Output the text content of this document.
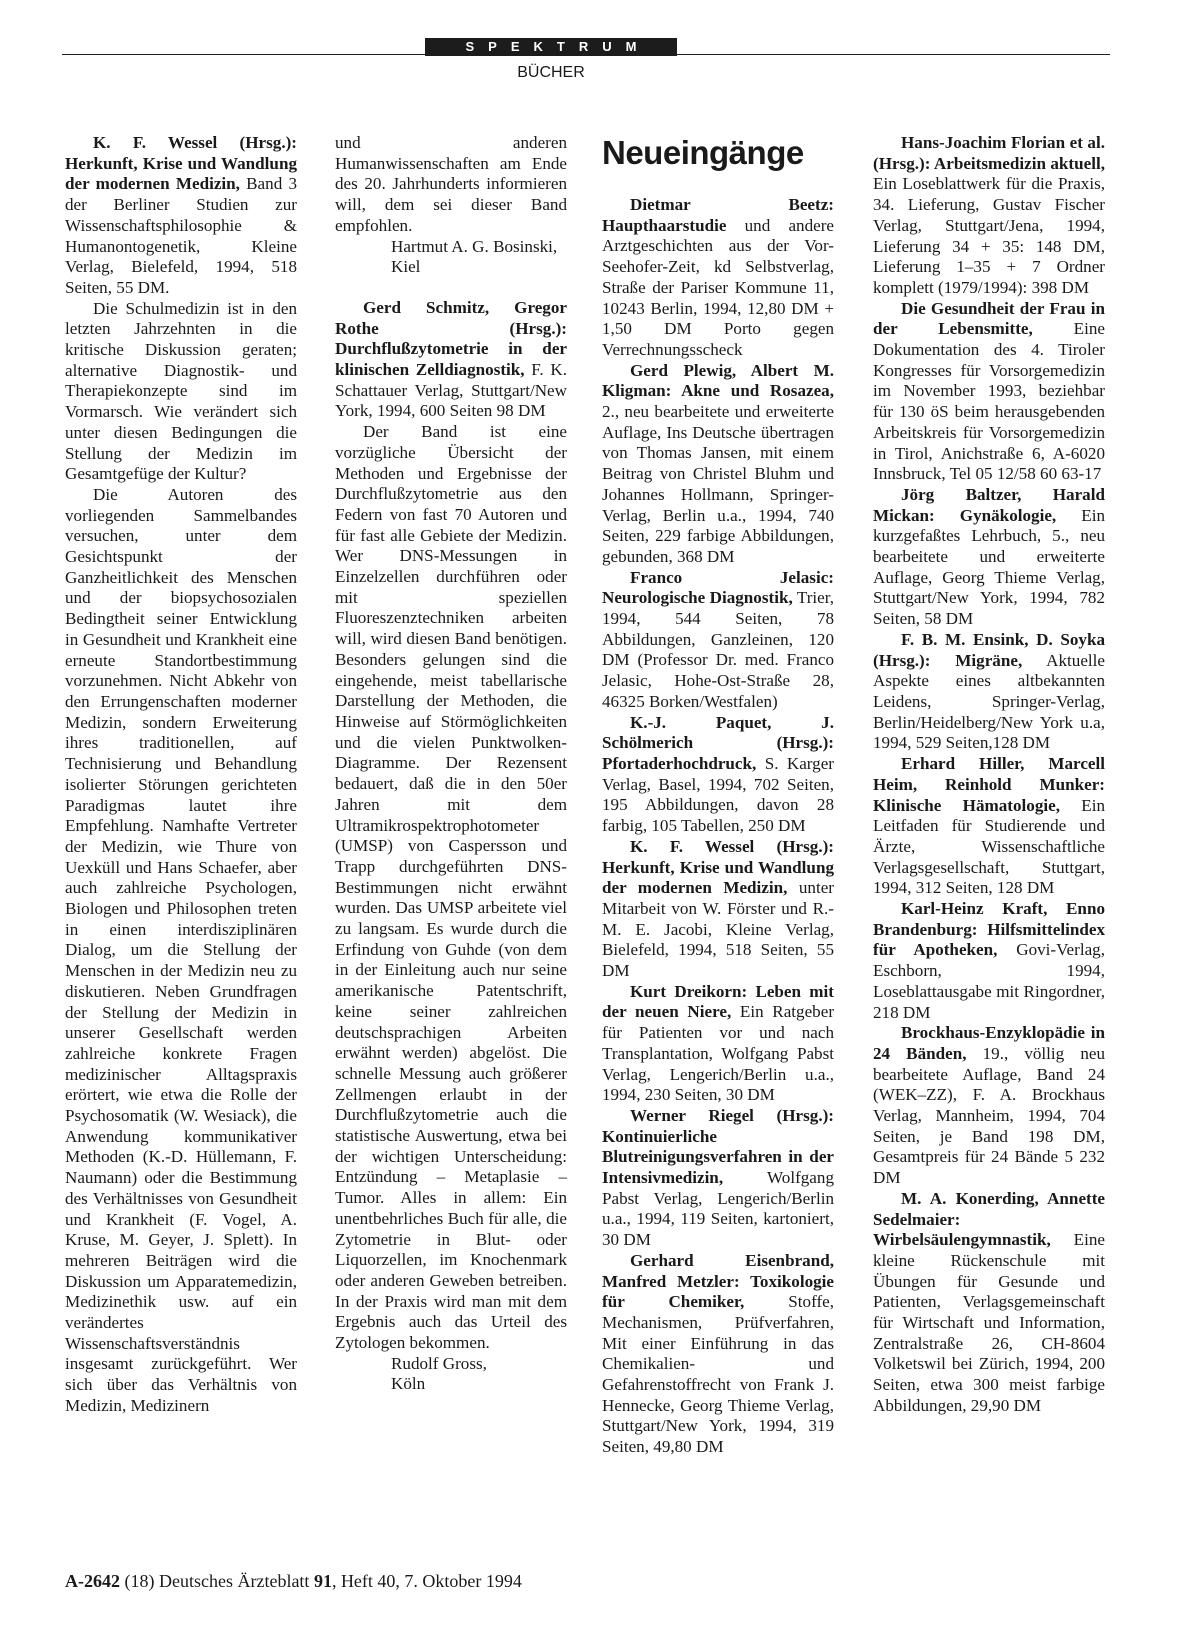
SPEKTRUM
BÜCHER

K. F. Wessel (Hrsg.): Herkunft, Krise und Wandlung der modernen Medizin, Band 3 der Berliner Studien zur Wissenschaftsphilosophie & Humanontogenetik, Kleine Verlag, Bielefeld, 1994, 518 Seiten, 55 DM.

Die Schulmedizin ist in den letzten Jahrzehnten in die kritische Diskussion geraten; alternative Diagnostik- und Therapiekonzepte sind im Vormarsch. Wie verändert sich unter diesen Bedingungen die Stellung der Medizin im Gesamtgefüge der Kultur?

Die Autoren des vorliegenden Sammelbandes versuchen, unter dem Gesichtspunkt der Ganzheitlichkeit des Menschen und der biopsychosozialen Bedingtheit seiner Entwicklung in Gesundheit und Krankheit eine erneute Standortbestimmung vorzunehmen. Nicht Abkehr von den Errungenschaften moderner Medizin, sondern Erweiterung ihres traditionellen, auf Technisierung und Behandlung isolierter Störungen gerichteten Paradigmas lautet ihre Empfehlung. Namhafte Vertreter der Medizin, wie Thure von Uexküll und Hans Schaefer, aber auch zahlreiche Psychologen, Biologen und Philosophen treten in einen interdisziplinären Dialog, um die Stellung der Menschen in der Medizin neu zu diskutieren. Neben Grundfragen der Stellung der Medizin in unserer Gesellschaft werden zahlreiche konkrete Fragen medizinischer Alltagspraxis erörtert, wie etwa die Rolle der Psychosomatik (W. Wesiack), die Anwendung kommunikativer Methoden (K.-D. Hüllemann, F. Naumann) oder die Bestimmung des Verhältnisses von Gesundheit und Krankheit (F. Vogel, A. Kruse, M. Geyer, J. Splett). In mehreren Beiträgen wird die Diskussion um Apparatemedizin, Medizinethik usw. auf ein verändertes Wissenschaftsverständnis insgesamt zurückgeführt. Wer sich über das Verhältnis von Medizin, Medizinern

und anderen Humanwissenschaften am Ende des 20. Jahrhunderts informieren will, dem sei dieser Band empfohlen.

Hartmut A. G. Bosinski,

Kiel

Gerd Schmitz, Gregor Rothe (Hrsg.): Durchflußzytometrie in der klinischen Zelldiagnostik, F. K. Schattauer Verlag, Stuttgart/New York, 1994, 600 Seiten 98 DM

Der Band ist eine vorzügliche Übersicht der Methoden und Ergebnisse der Durchflußzytometrie aus den Federn von fast 70 Autoren und für fast alle Gebiete der Medizin. Wer DNS-Messungen in Einzelzellen durchführen oder mit speziellen Fluoreszenztechniken arbeiten will, wird diesen Band benötigen. Besonders gelungen sind die eingehende, meist tabellarische Darstellung der Methoden, die Hinweise auf Störmöglichkeiten und die vielen Punktwolken-Diagramme. Der Rezensent bedauert, daß die in den 50er Jahren mit dem Ultramikrospektrophotometer (UMSP) von Caspersson und Trapp durchgeführten DNS-Bestimmungen nicht erwähnt wurden. Das UMSP arbeitete viel zu langsam. Es wurde durch die Erfindung von Guhde (von dem in der Einleitung auch nur seine amerikanische Patentschrift, keine seiner zahlreichen deutschsprachigen Arbeiten erwähnt werden) abgelöst. Die schnelle Messung auch größerer Zellmengen erlaubt in der Durchflußzytometrie auch die statistische Auswertung, etwa bei der wichtigen Unterscheidung: Entzündung – Metaplasie – Tumor. Alles in allem: Ein unentbehrliches Buch für alle, die Zytometrie in Blut- oder Liquorzellen, im Knochenmark oder anderen Geweben betreiben. In der Praxis wird man mit dem Ergebnis auch das Urteil des Zytologen bekommen.

Rudolf Gross,

Köln

Neueingänge

Dietmar Beetz: Haupthaarstudie und andere Arztgeschichten aus der Vor-Seehofer-Zeit, kd Selbstverlag, Straße der Pariser Kommune 11, 10243 Berlin, 1994, 12,80 DM + 1,50 DM Porto gegen Verrechnungsscheck

Gerd Plewig, Albert M. Kligman: Akne und Rosazea, 2., neu bearbeitete und erweiterte Auflage, Ins Deutsche übertragen von Thomas Jansen, mit einem Beitrag von Christel Bluhm und Johannes Hollmann, Springer-Verlag, Berlin u.a., 1994, 740 Seiten, 229 farbige Abbildungen, gebunden, 368 DM

Franco Jelasic: Neurologische Diagnostik, Trier, 1994, 544 Seiten, 78 Abbildungen, Ganzleinen, 120 DM (Professor Dr. med. Franco Jelasic, Hohe-Ost-Straße 28, 46325 Borken/Westfalen)

K.-J. Paquet, J. Schölmerich (Hrsg.): Pfortaderhochdruck, S. Karger Verlag, Basel, 1994, 702 Seiten, 195 Abbildungen, davon 28 farbig, 105 Tabellen, 250 DM

K. F. Wessel (Hrsg.): Herkunft, Krise und Wandlung der modernen Medizin, unter Mitarbeit von W. Förster und R.-M. E. Jacobi, Kleine Verlag, Bielefeld, 1994, 518 Seiten, 55 DM

Kurt Dreikorn: Leben mit der neuen Niere, Ein Ratgeber für Patienten vor und nach Transplantation, Wolfgang Pabst Verlag, Lengerich/Berlin u.a., 1994, 230 Seiten, 30 DM

Werner Riegel (Hrsg.): Kontinuierliche Blutreinigungsverfahren in der Intensivmedizin, Wolfgang Pabst Verlag, Lengerich/Berlin u.a., 1994, 119 Seiten, kartoniert, 30 DM

Gerhard Eisenbrand, Manfred Metzler: Toxikologie für Chemiker, Stoffe, Mechanismen, Prüfverfahren, Mit einer Einführung in das Chemikalien- und Gefahrenstoffrecht von Frank J. Hennecke, Georg Thieme Verlag, Stuttgart/New York, 1994, 319 Seiten, 49,80 DM

Hans-Joachim Florian et al. (Hrsg.): Arbeitsmedizin aktuell, Ein Loseblattwerk für die Praxis, 34. Lieferung, Gustav Fischer Verlag, Stuttgart/Jena, 1994, Lieferung 34 + 35: 148 DM, Lieferung 1–35 + 7 Ordner komplett (1979/1994): 398 DM

Die Gesundheit der Frau in der Lebensmitte, Eine Dokumentation des 4. Tiroler Kongresses für Vorsorgemedizin im November 1993, beziehbar für 130 öS beim herausgebenden Arbeitskreis für Vorsorgemedizin in Tirol, Anichstraße 6, A-6020 Innsbruck, Tel 05 12/58 60 63-17

Jörg Baltzer, Harald Mickan: Gynäkologie, Ein kurzgefaßtes Lehrbuch, 5., neu bearbeitete und erweiterte Auflage, Georg Thieme Verlag, Stuttgart/New York, 1994, 782 Seiten, 58 DM

F. B. M. Ensink, D. Soyka (Hrsg.): Migräne, Aktuelle Aspekte eines altbekannten Leidens, Springer-Verlag, Berlin/Heidelberg/New York u.a, 1994, 529 Seiten,128 DM

Erhard Hiller, Marcell Heim, Reinhold Munker: Klinische Hämatologie, Ein Leitfaden für Studierende und Ärzte, Wissenschaftliche Verlagsgesellschaft, Stuttgart, 1994, 312 Seiten, 128 DM

Karl-Heinz Kraft, Enno Brandenburg: Hilfsmittelindex für Apotheken, Govi-Verlag, Eschborn, 1994, Loseblattausgabe mit Ringordner, 218 DM

Brockhaus-Enzyklopädie in 24 Bänden, 19., völlig neu bearbeitete Auflage, Band 24 (WEK–ZZ), F. A. Brockhaus Verlag, Mannheim, 1994, 704 Seiten, je Band 198 DM, Gesamtpreis für 24 Bände 5 232 DM

M. A. Konerding, Annette Sedelmaier: Wirbelsäulengymnastik, Eine kleine Rückenschule mit Übungen für Gesunde und Patienten, Verlagsgemeinschaft für Wirtschaft und Information, Zentralstraße 26, CH-8604 Volketswil bei Zürich, 1994, 200 Seiten, etwa 300 meist farbige Abbildungen, 29,90 DM

A-2642 (18) Deutsches Ärzteblatt 91, Heft 40, 7. Oktober 1994
